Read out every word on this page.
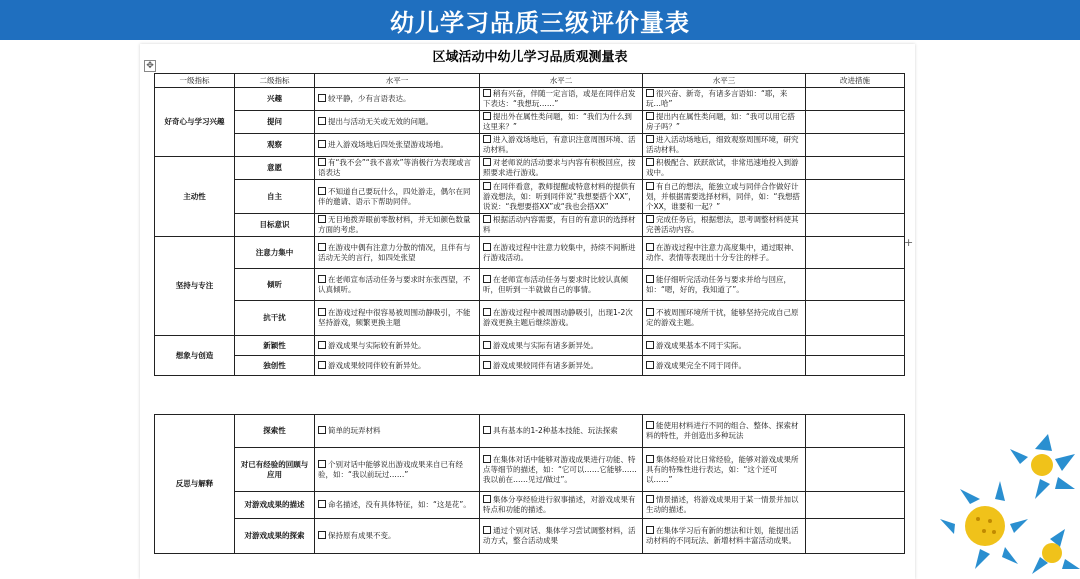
幼儿学习品质三级评价量表
区域活动中幼儿学习品质观测量表
✥
+
一级指标	二级指标	水平一	水平二	水平三	改进措施
好奇心与学习兴趣	兴趣	较平静，少有言语表达。	稍有兴奋，伴随一定言语，或是在同伴启发下表达：“我想玩……”	很兴奋、新奇，有诸多言语如：“耶，来玩…哈”	
	提问	提出与活动无关或无效的问题。	提出外在属性类问题，如：“我们为什么到这里来？”	提出内在属性类问题，如：“我可以用它搭房子吗？”	
	观察	进入游戏场地后四处张望游戏场地。	进入游戏场地后，有意识注意周围环境、活动材料。	进入活动场地后，细致观察周围环境，研究活动材料。	
主动性	意愿	有“我不会”“我不喜欢”等消极行为表现或言语表达	对老师说的活动要求与内容有积极回应，按照要求进行游戏。	积极配合、跃跃欲试，非常迅速地投入到游戏中。	
	自主	不知道自己要玩什么，四处游走，偶尔在同伴的邀请、语示下帮助同伴。	在同伴看意，教师提醒或特意材料的提供有游戏想法，如：听到同伴说“我想要搭个XX”，说说：“我想要搭XX”或“我也会搭XX”	有自己的想法，能独立或与同伴合作做好计划，并根据需要选择材料，同伴，如：“我想搭个XX，谁要和一起？”	
	目标意识	无目地拨弄眼前零散材料，并无如颜色数量方面的考虑。	根据活动内容需要，有目的有意识的选择材料	完成任务后，根据想法，思考调整材料使其完善活动内容。	
坚持与专注	注意力集中	在游戏中偶有注意力分散的情况，且伴有与活动无关的言行，如四处张望	在游戏过程中注意力较集中，持续不间断进行游戏活动。	在游戏过程中注意力高度集中，通过眼神、动作、表情等表现出十分专注的样子。	
	倾听	在老师宣布活动任务与要求时东张西望，不认真倾听。	在老师宣布活动任务与要求时比较认真倾听，但听到一半就做自己的事情。	能仔细听完活动任务与要求并给与回应，如：“嗯，好的，我知道了”。	
	抗干扰	在游戏过程中很容易被周围动静吸引，不能坚持游戏，频繁更换主题	在游戏过程中被周围动静吸引，出现1-2次游戏更换主题后继续游戏。	不被周围环境所干扰，能够坚持完成自己原定的游戏主题。	
想象与创造	新颖性	游戏成果与实际较有新异处。	游戏成果与实际有诸多新异处。	游戏成果基本不同于实际。	
	独创性	游戏成果较同伴较有新异处。	游戏成果较同伴有诸多新异处。	游戏成果完全不同于同伴。	
反思与解释	探索性	简单的玩弄材料	具有基本的1-2种基本技能、玩法探索	能使用材料进行不同的组合、整体、探索材料的特性，并创造出多种玩法	
	对已有经验的回顾与应用	个别对话中能够说出游戏成果来自已有经验，如：“我以前玩过……”	在集体对话中能够对游戏成果进行功能、特点等细节的描述，如：“它可以……它能够……我以前在……见过/做过”。	集体经验对比日常经验，能够对游戏成果所具有的特殊性进行表达，如：“这个还可以……”	
	对游戏成果的描述	命名描述，没有具体特征，如：“这是花”。	集体分享经验进行叙事描述，对游戏成果有特点和功能的描述。	情景描述，将游戏成果用于某一情景并加以生动的描述。	
	对游戏成果的探索	保持原有成果不变。	通过个别对话、集体学习尝试调整材料，活动方式，整合活动成果	在集体学习后有新的想法和计划，能提出活动材料的不同玩法、新增材料丰富活动成果。	
